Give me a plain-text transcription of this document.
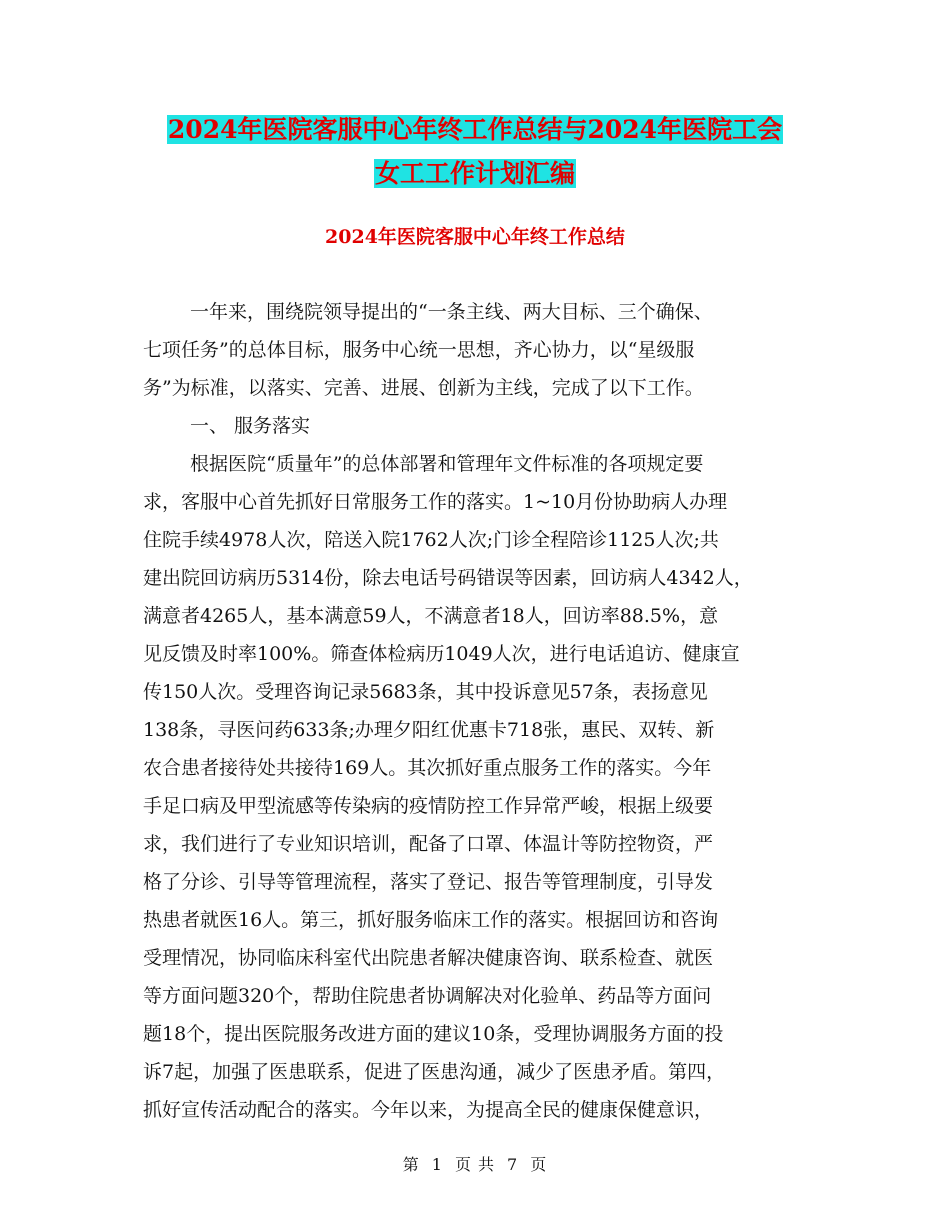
2024年医院客服中心年终工作总结与2024年医院工会
女工工作计划汇编
2024年医院客服中心年终工作总结
一年来，围绕院领导提出的“一条主线、两大目标、三个确保、
七项任务”的总体目标，服务中心统一思想，齐心协力，以“星级服
务”为标准，以落实、完善、进展、创新为主线，完成了以下工作。
一、 服务落实
根据医院“质量年”的总体部署和管理年文件标准的各项规定要
求，客服中心首先抓好日常服务工作的落实。1~10月份协助病人办理
住院手续4978人次，陪送入院1762人次;门诊全程陪诊1125人次;共
建出院回访病历5314份，除去电话号码错误等因素，回访病人4342人，
满意者4265人，基本满意59人，不满意者18人，回访率88.5%，意
见反馈及时率100%。筛查体检病历1049人次，进行电话追访、健康宣
传150人次。受理咨询记录5683条，其中投诉意见57条，表扬意见
138条，寻医问药633条;办理夕阳红优惠卡718张，惠民、双转、新
农合患者接待处共接待169人。其次抓好重点服务工作的落实。今年
手足口病及甲型流感等传染病的疫情防控工作异常严峻，根据上级要
求，我们进行了专业知识培训，配备了口罩、体温计等防控物资，严
格了分诊、引导等管理流程，落实了登记、报告等管理制度，引导发
热患者就医16人。第三，抓好服务临床工作的落实。根据回访和咨询
受理情况，协同临床科室代出院患者解决健康咨询、联系检查、就医
等方面问题320个，帮助住院患者协调解决对化验单、药品等方面问
题18个，提出医院服务改进方面的建议10条，受理协调服务方面的投
诉7起，加强了医患联系，促进了医患沟通，减少了医患矛盾。第四，
抓好宣传活动配合的落实。今年以来，为提高全民的健康保健意识，
第 1 页 共 7 页
